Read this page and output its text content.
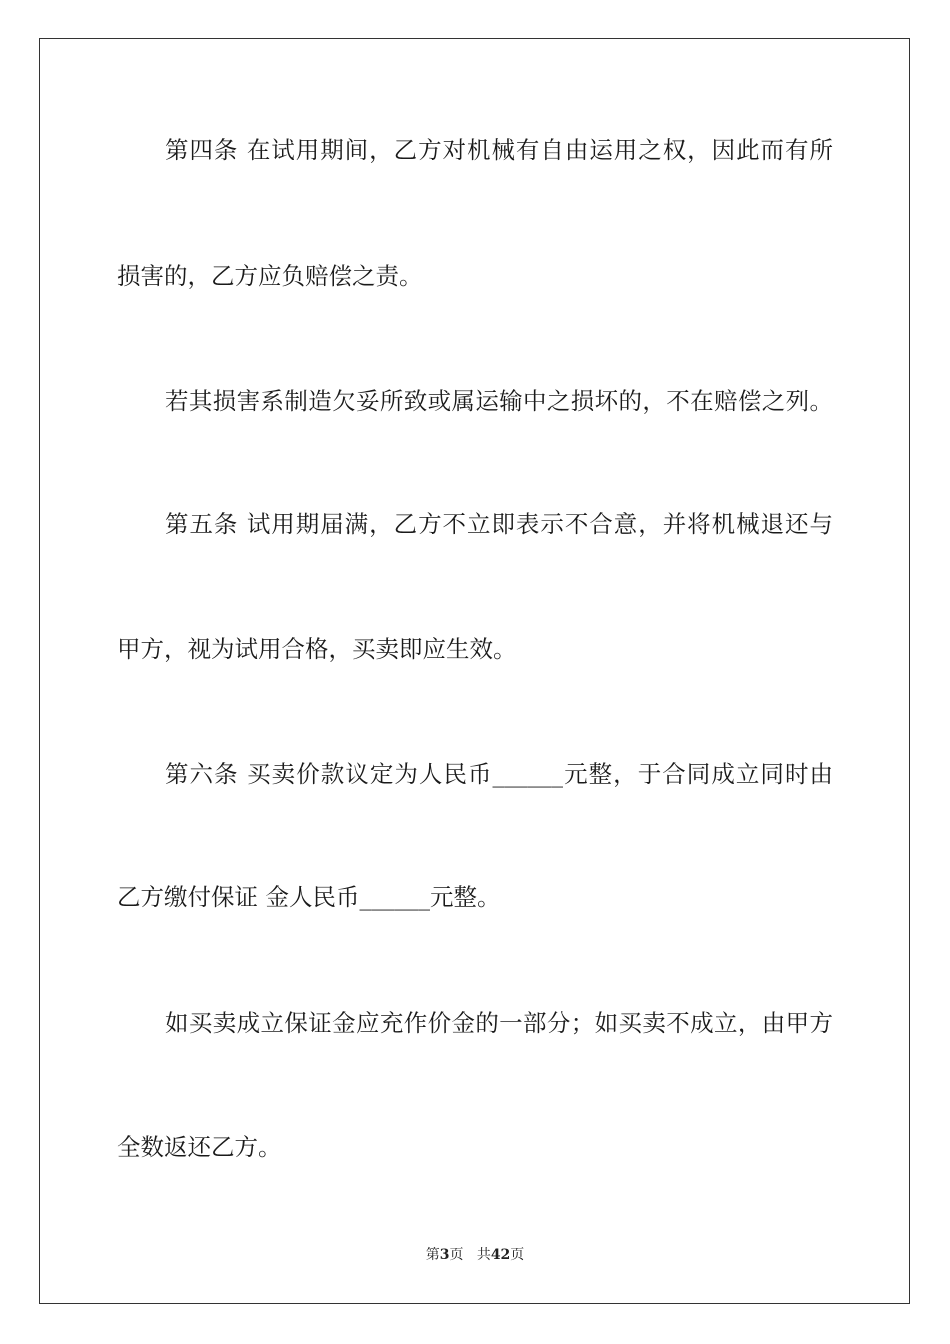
第四条 在试用期间，乙方对机械有自由运用之权，因此而有所
损害的，乙方应负赔偿之责。
若其损害系制造欠妥所致或属运输中之损坏的，不在赔偿之列。
第五条 试用期届满，乙方不立即表示不合意，并将机械退还与
甲方，视为试用合格，买卖即应生效。
第六条 买卖价款议定为人民币______元整，于合同成立同时由
乙方缴付保证 金人民币______元整。
如买卖成立保证金应充作价金的一部分；如买卖不成立，由甲方
全数返还乙方。
第3页 共42页
